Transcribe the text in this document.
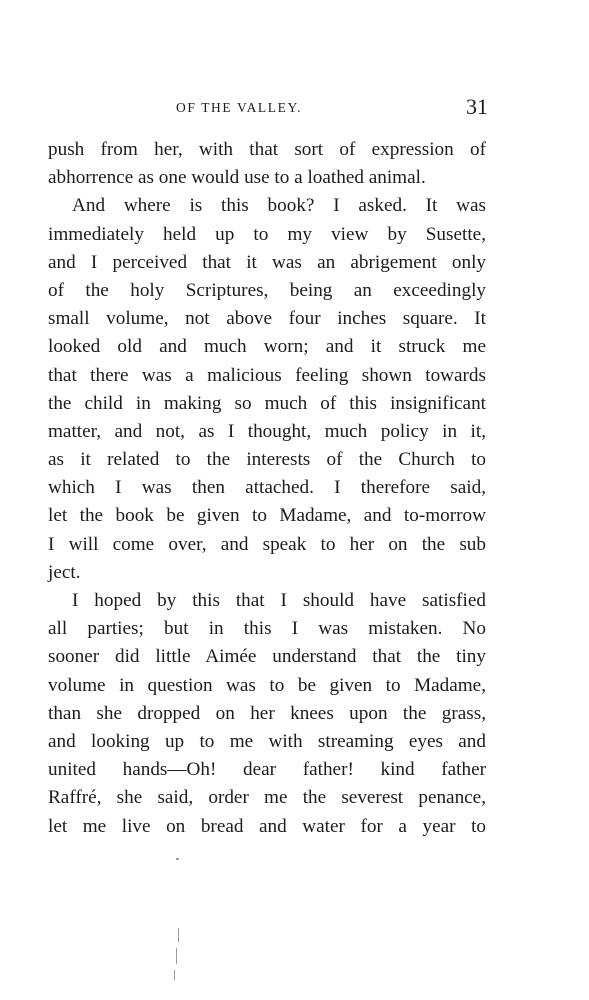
OF THE VALLEY.	31
push from her, with that sort of expression of
abhorrence as one would use to a loathed animal.
And where is this book? I asked. It was
immediately held up to my view by Susette,
and I perceived that it was an abrigement only
of the holy Scriptures, being an exceedingly
small volume, not above four inches square. It
looked old and much worn; and it struck me
that there was a malicious feeling shown towards
the child in making so much of this insignificant
matter, and not, as I thought, much policy in it,
as it related to the interests of the Church to
which I was then attached. I therefore said,
let the book be given to Madame, and to-morrow
I will come over, and speak to her on the sub
ject.
I hoped by this that I should have satisfied
all parties; but in this I was mistaken. No
sooner did little Aimée understand that the tiny
volume in question was to be given to Madame,
than she dropped on her knees upon the grass,
and looking up to me with streaming eyes and
united hands—Oh! dear father! kind father
Raffré, she said, order me the severest penance,
let me live on bread and water for a year to
